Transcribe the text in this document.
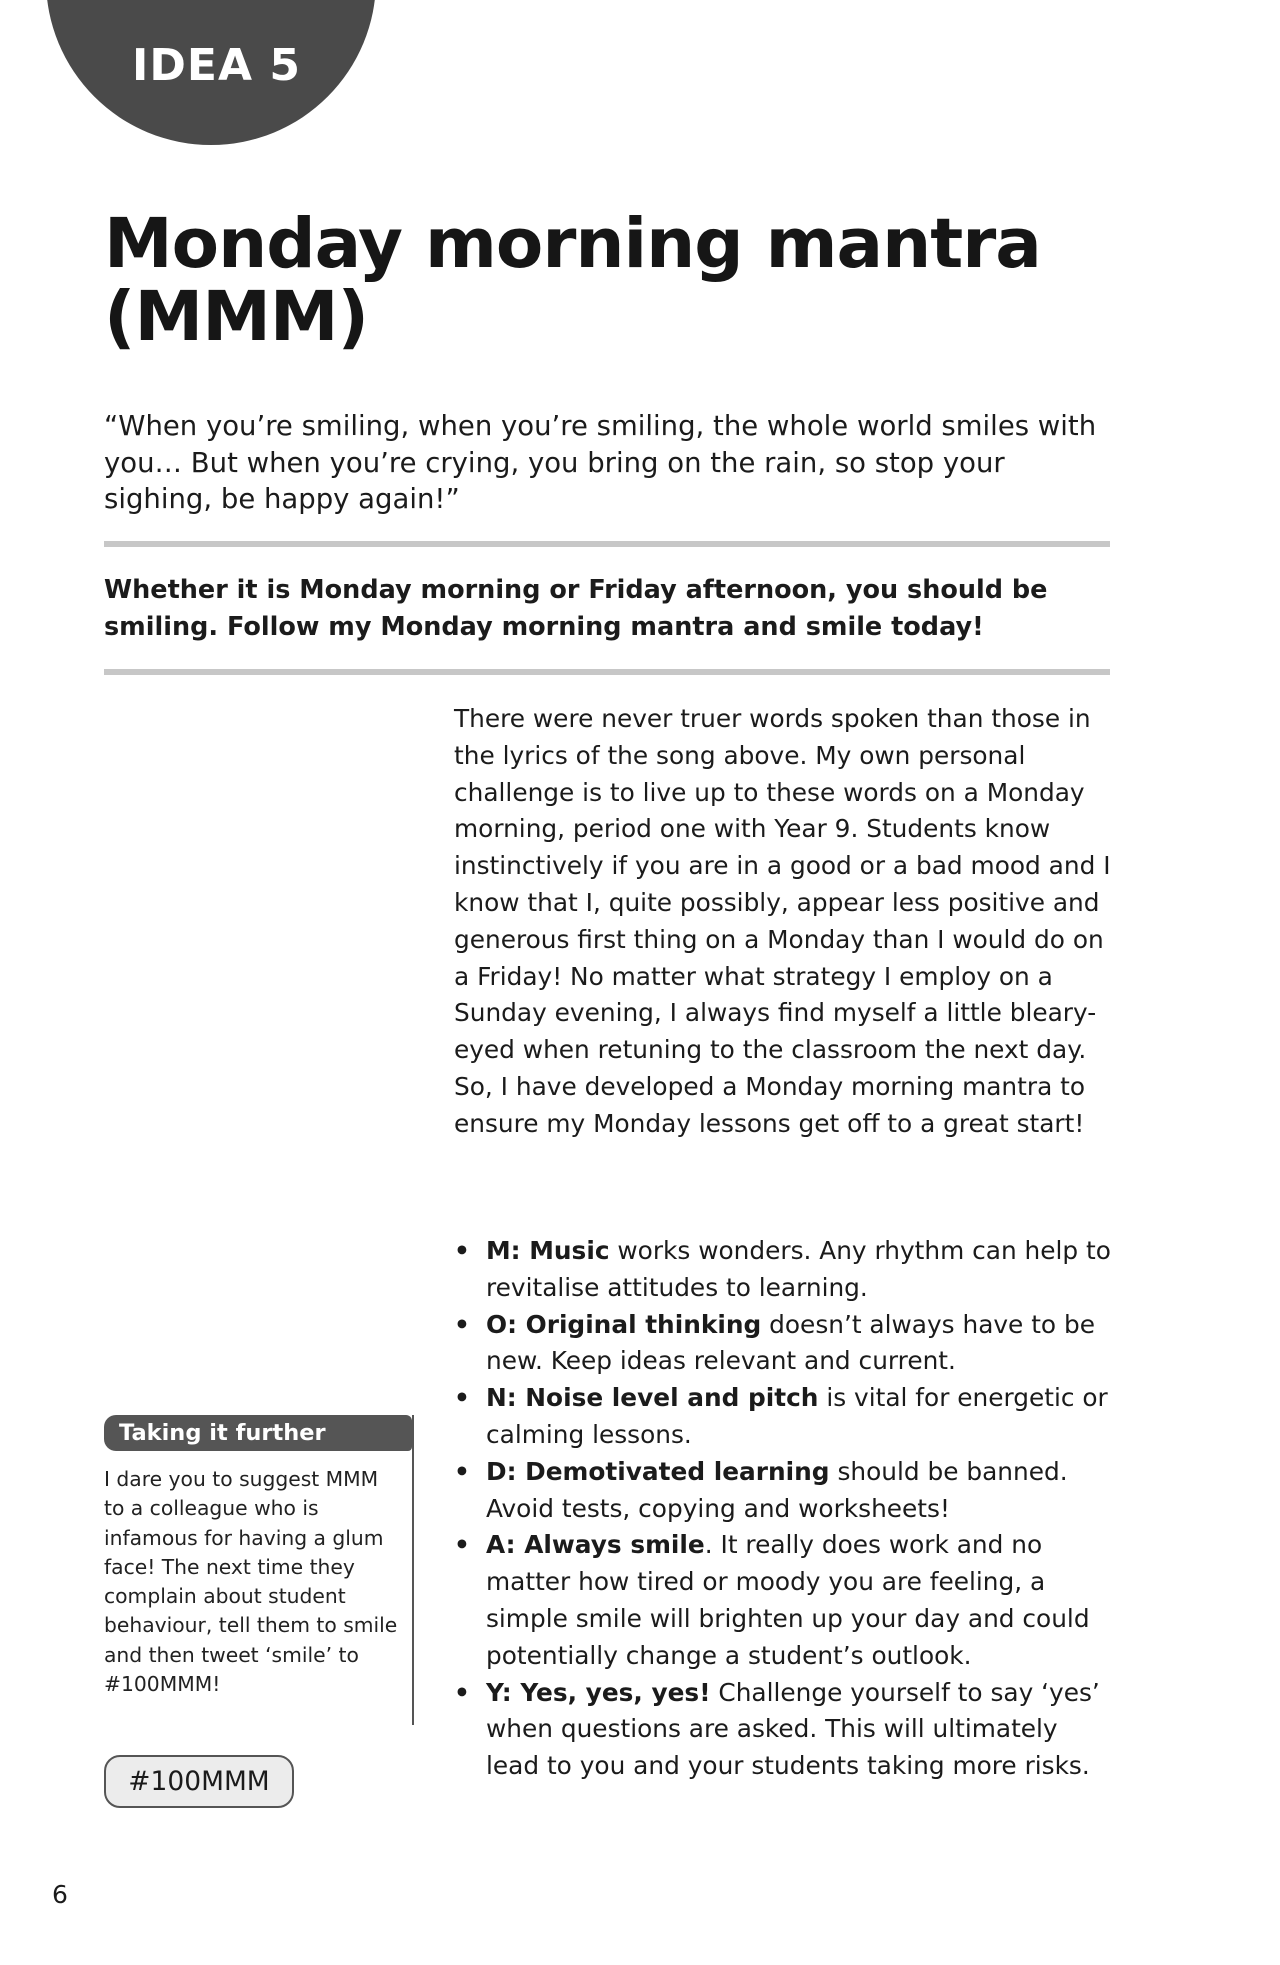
IDEA 5
Monday morning mantra (MMM)

“When you’re smiling, when you’re smiling, the whole world smiles with you… But when you’re crying, you bring on the rain, so stop your sighing, be happy again!”

Whether it is Monday morning or Friday afternoon, you should be smiling. Follow my Monday morning mantra and smile today!

There were never truer words spoken than those in the lyrics of the song above. My own personal challenge is to live up to these words on a Monday morning, period one with Year 9. Students know instinctively if you are in a good or a bad mood and I know that I, quite possibly, appear less positive and generous first thing on a Monday than I would do on a Friday! No matter what strategy I employ on a Sunday evening, I always find myself a little bleary-eyed when retuning to the classroom the next day. So, I have developed a Monday morning mantra to ensure my Monday lessons get off to a great start!

• M: Music works wonders. Any rhythm can help to revitalise attitudes to learning.
• O: Original thinking doesn’t always have to be new. Keep ideas relevant and current.
• N: Noise level and pitch is vital for energetic or calming lessons.
• D: Demotivated learning should be banned. Avoid tests, copying and worksheets!
• A: Always smile. It really does work and no matter how tired or moody you are feeling, a simple smile will brighten up your day and could potentially change a student’s outlook.
• Y: Yes, yes, yes! Challenge yourself to say ‘yes’ when questions are asked. This will ultimately lead to you and your students taking more risks.
Taking it further

I dare you to suggest MMM to a colleague who is infamous for having a glum face! The next time they complain about student behaviour, tell them to smile and then tweet ‘smile’ to #100MMM!

#100MMM
6
